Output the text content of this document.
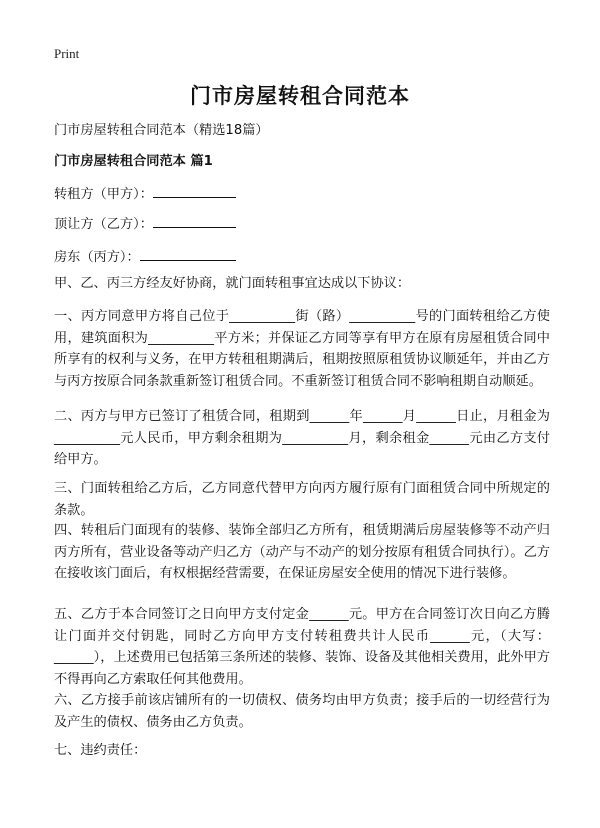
Print
门市房屋转租合同范本
门市房屋转租合同范本（精选18篇）
门市房屋转租合同范本 篇1
转租方（甲方）：
顶让方（乙方）：
房东（丙方）：
甲、乙、丙三方经友好协商，就门面转租事宜达成以下协议：
一、丙方同意甲方将自己位于__________街（路）__________号的门面转租给乙方使用，建筑面积为__________平方米；并保证乙方同等享有甲方在原有房屋租赁合同中所享有的权利与义务，在甲方转租租期满后，租期按照原租赁协议顺延年，并由乙方与丙方按原合同条款重新签订租赁合同。不重新签订租赁合同不影响租期自动顺延。
二、丙方与甲方已签订了租赁合同，租期到______年______月______日止，月租金为__________元人民币，甲方剩余租期为__________月，剩余租金______元由乙方支付给甲方。
三、门面转租给乙方后，乙方同意代替甲方向丙方履行原有门面租赁合同中所规定的条款。
四、转租后门面现有的装修、装饰全部归乙方所有，租赁期满后房屋装修等不动产归丙方所有，营业设备等动产归乙方（动产与不动产的划分按原有租赁合同执行）。乙方在接收该门面后，有权根据经营需要，在保证房屋安全使用的情况下进行装修。
五、乙方于本合同签订之日向甲方支付定金______元。甲方在合同签订次日向乙方腾让门面并交付钥匙，同时乙方向甲方支付转租费共计人民币______元，（大写：______），上述费用已包括第三条所述的装修、装饰、设备及其他相关费用，此外甲方不得再向乙方索取任何其他费用。
六、乙方接手前该店铺所有的一切债权、债务均由甲方负责；接手后的一切经营行为及产生的债权、债务由乙方负责。
七、违约责任：
